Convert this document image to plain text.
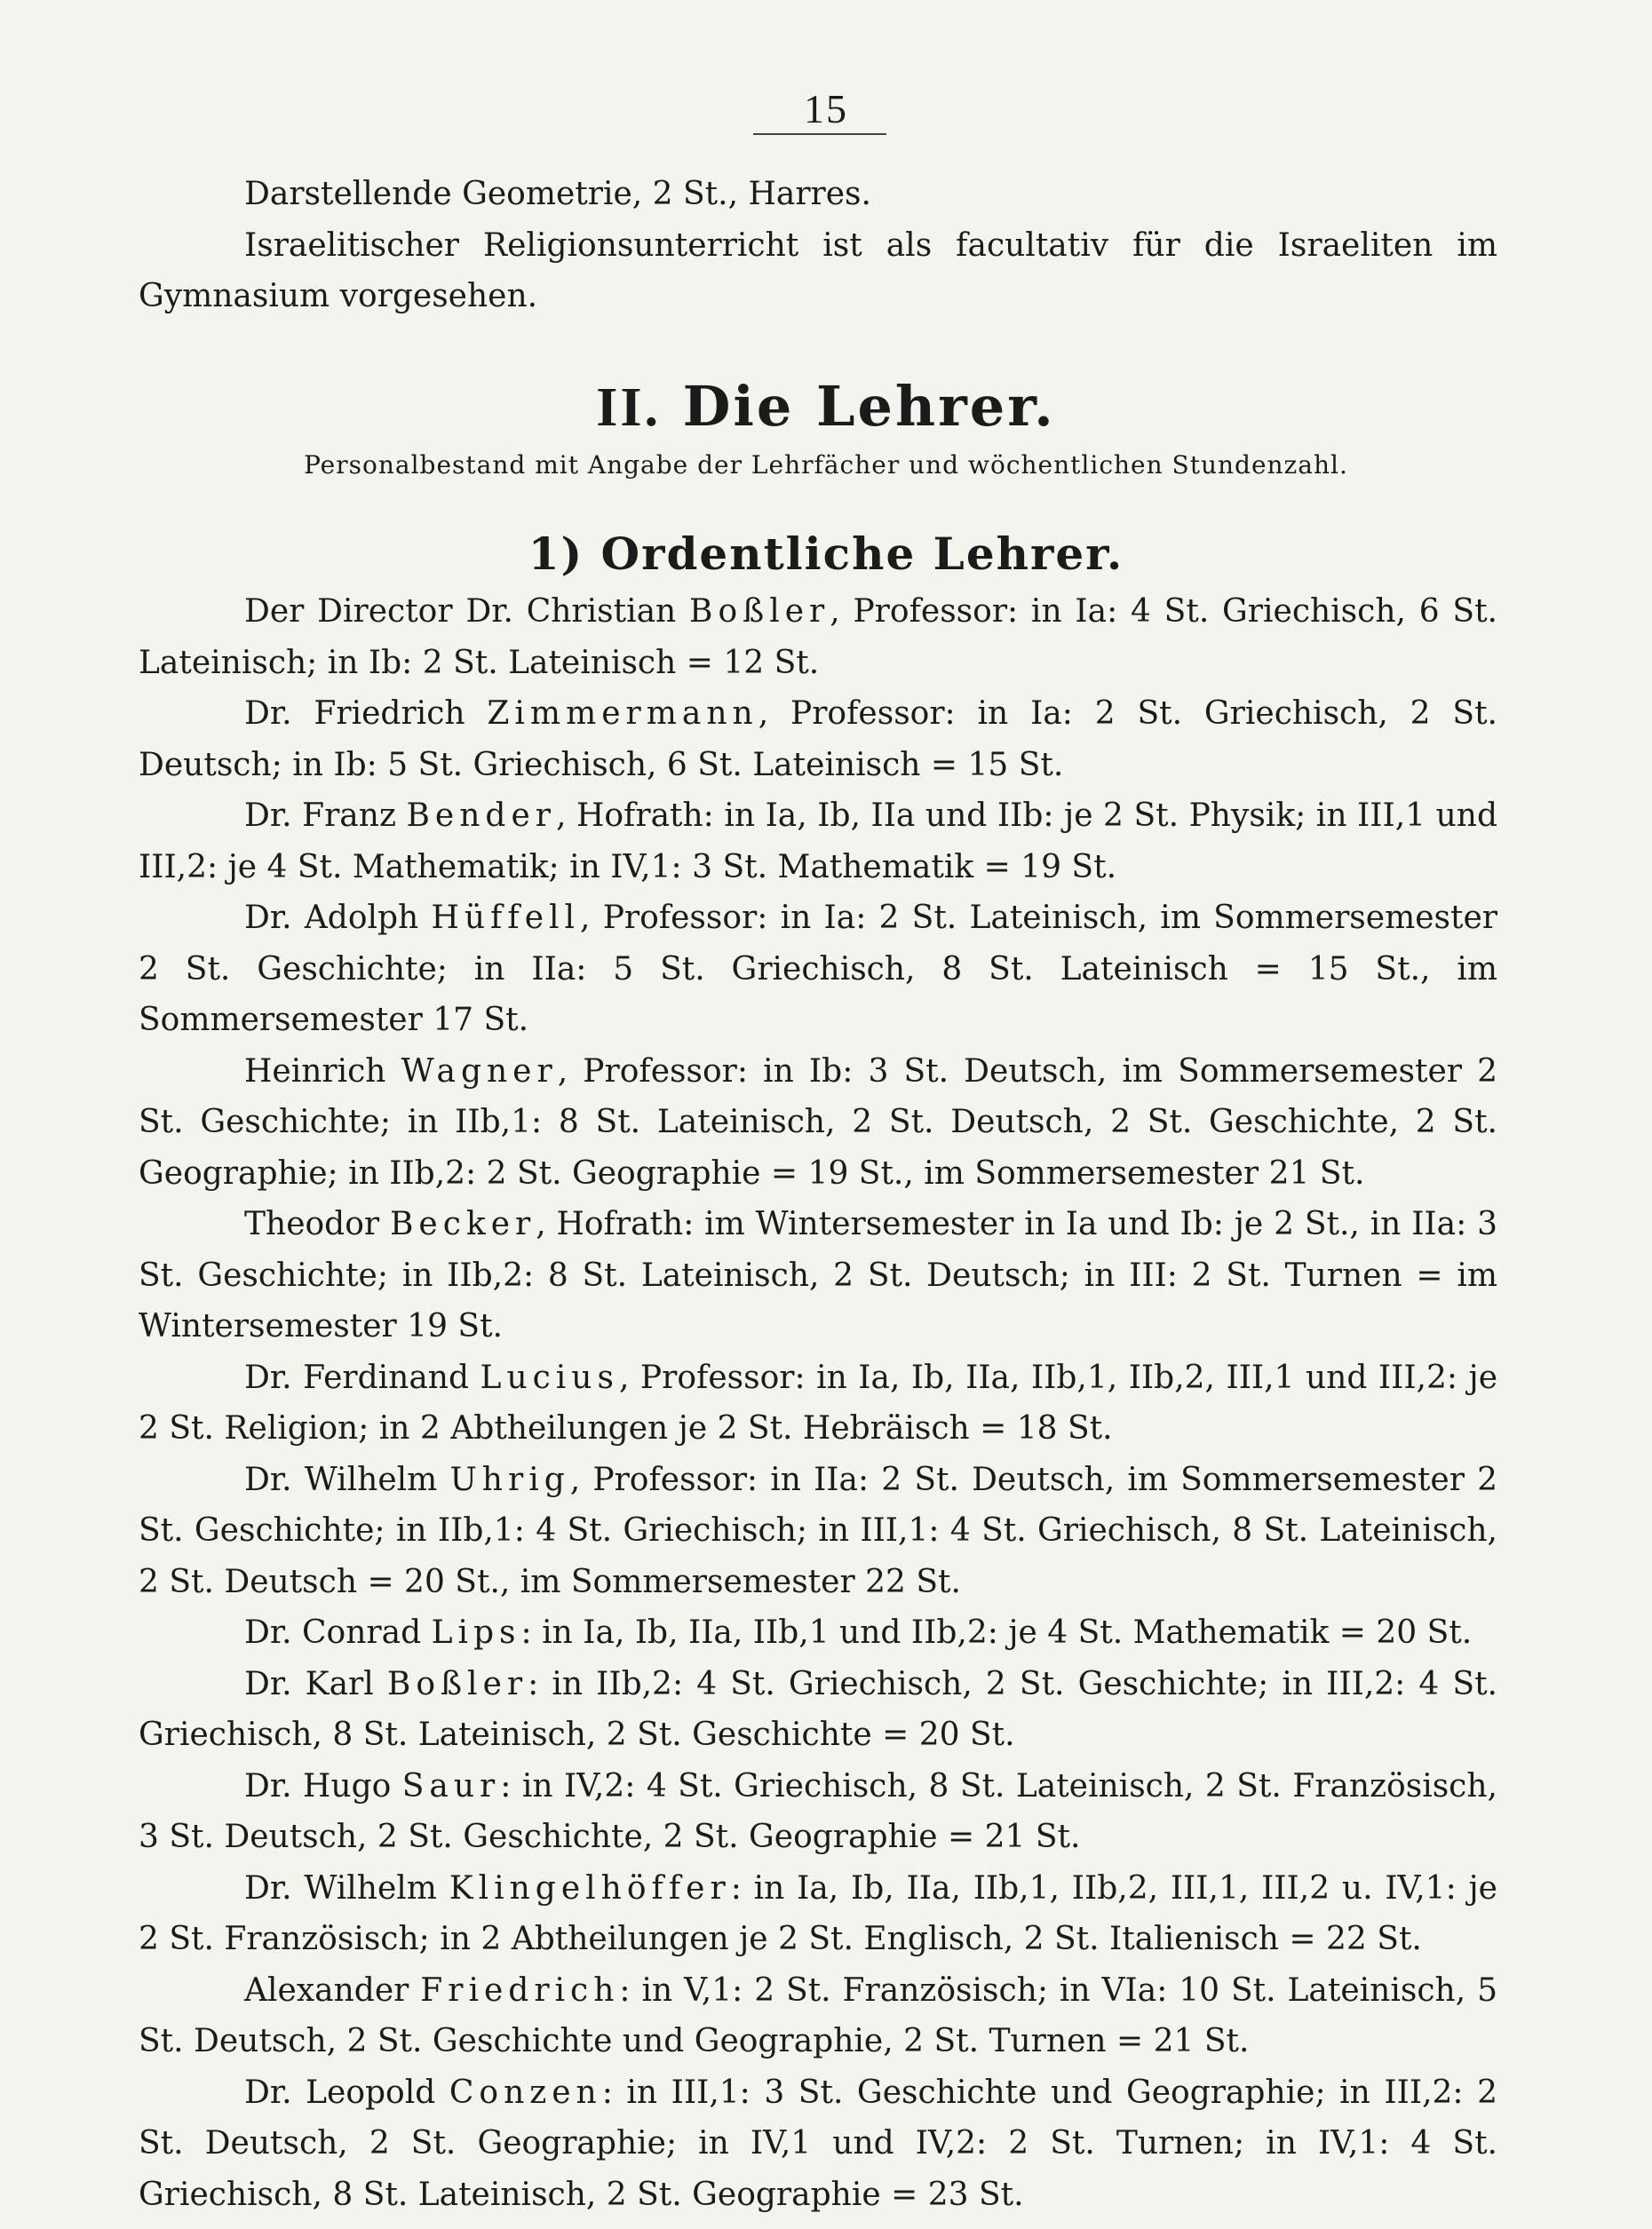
15

Darstellende Geometrie, 2 St., Harres.

Israelitischer Religionsunterricht ist als facultativ für die Israeliten im Gymnasium vorgesehen.

II. Die Lehrer.
Personalbestand mit Angabe der Lehrfächer und wöchentlichen Stundenzahl.
1) Ordentliche Lehrer.

Der Director Dr. Christian Boßler, Professor: in Ia: 4 St. Griechisch, 6 St. Lateinisch; in Ib: 2 St. Lateinisch = 12 St.

Dr. Friedrich Zimmermann, Professor: in Ia: 2 St. Griechisch, 2 St. Deutsch; in Ib: 5 St. Griechisch, 6 St. Lateinisch = 15 St.

Dr. Franz Bender, Hofrath: in Ia, Ib, IIa und IIb: je 2 St. Physik; in III,1 und III,2: je 4 St. Mathematik; in IV,1: 3 St. Mathematik = 19 St.

Dr. Adolph Hüffell, Professor: in Ia: 2 St. Lateinisch, im Sommersemester 2 St. Geschichte; in IIa: 5 St. Griechisch, 8 St. Lateinisch = 15 St., im Sommersemester 17 St.

Heinrich Wagner, Professor: in Ib: 3 St. Deutsch, im Sommersemester 2 St. Geschichte; in IIb,1: 8 St. Lateinisch, 2 St. Deutsch, 2 St. Geschichte, 2 St. Geographie; in IIb,2: 2 St. Geographie = 19 St., im Sommersemester 21 St.

Theodor Becker, Hofrath: im Wintersemester in Ia und Ib: je 2 St., in IIa: 3 St. Geschichte; in IIb,2: 8 St. Lateinisch, 2 St. Deutsch; in III: 2 St. Turnen = im Wintersemester 19 St.

Dr. Ferdinand Lucius, Professor: in Ia, Ib, IIa, IIb,1, IIb,2, III,1 und III,2: je 2 St. Religion; in 2 Abtheilungen je 2 St. Hebräisch = 18 St.

Dr. Wilhelm Uhrig, Professor: in IIa: 2 St. Deutsch, im Sommersemester 2 St. Geschichte; in IIb,1: 4 St. Griechisch; in III,1: 4 St. Griechisch, 8 St. Lateinisch, 2 St. Deutsch = 20 St., im Sommersemester 22 St.

Dr. Conrad Lips: in Ia, Ib, IIa, IIb,1 und IIb,2: je 4 St. Mathematik = 20 St.

Dr. Karl Boßler: in IIb,2: 4 St. Griechisch, 2 St. Geschichte; in III,2: 4 St. Griechisch, 8 St. Lateinisch, 2 St. Geschichte = 20 St.

Dr. Hugo Saur: in IV,2: 4 St. Griechisch, 8 St. Lateinisch, 2 St. Französisch, 3 St. Deutsch, 2 St. Geschichte, 2 St. Geographie = 21 St.

Dr. Wilhelm Klingelhöffer: in Ia, Ib, IIa, IIb,1, IIb,2, III,1, III,2 u. IV,1: je 2 St. Französisch; in 2 Abtheilungen je 2 St. Englisch, 2 St. Italienisch = 22 St.

Alexander Friedrich: in V,1: 2 St. Französisch; in VIa: 10 St. Lateinisch, 5 St. Deutsch, 2 St. Geschichte und Geographie, 2 St. Turnen = 21 St.

Dr. Leopold Conzen: in III,1: 3 St. Geschichte und Geographie; in III,2: 2 St. Deutsch, 2 St. Geographie; in IV,1 und IV,2: 2 St. Turnen; in IV,1: 4 St. Griechisch, 8 St. Lateinisch, 2 St. Geographie = 23 St.
